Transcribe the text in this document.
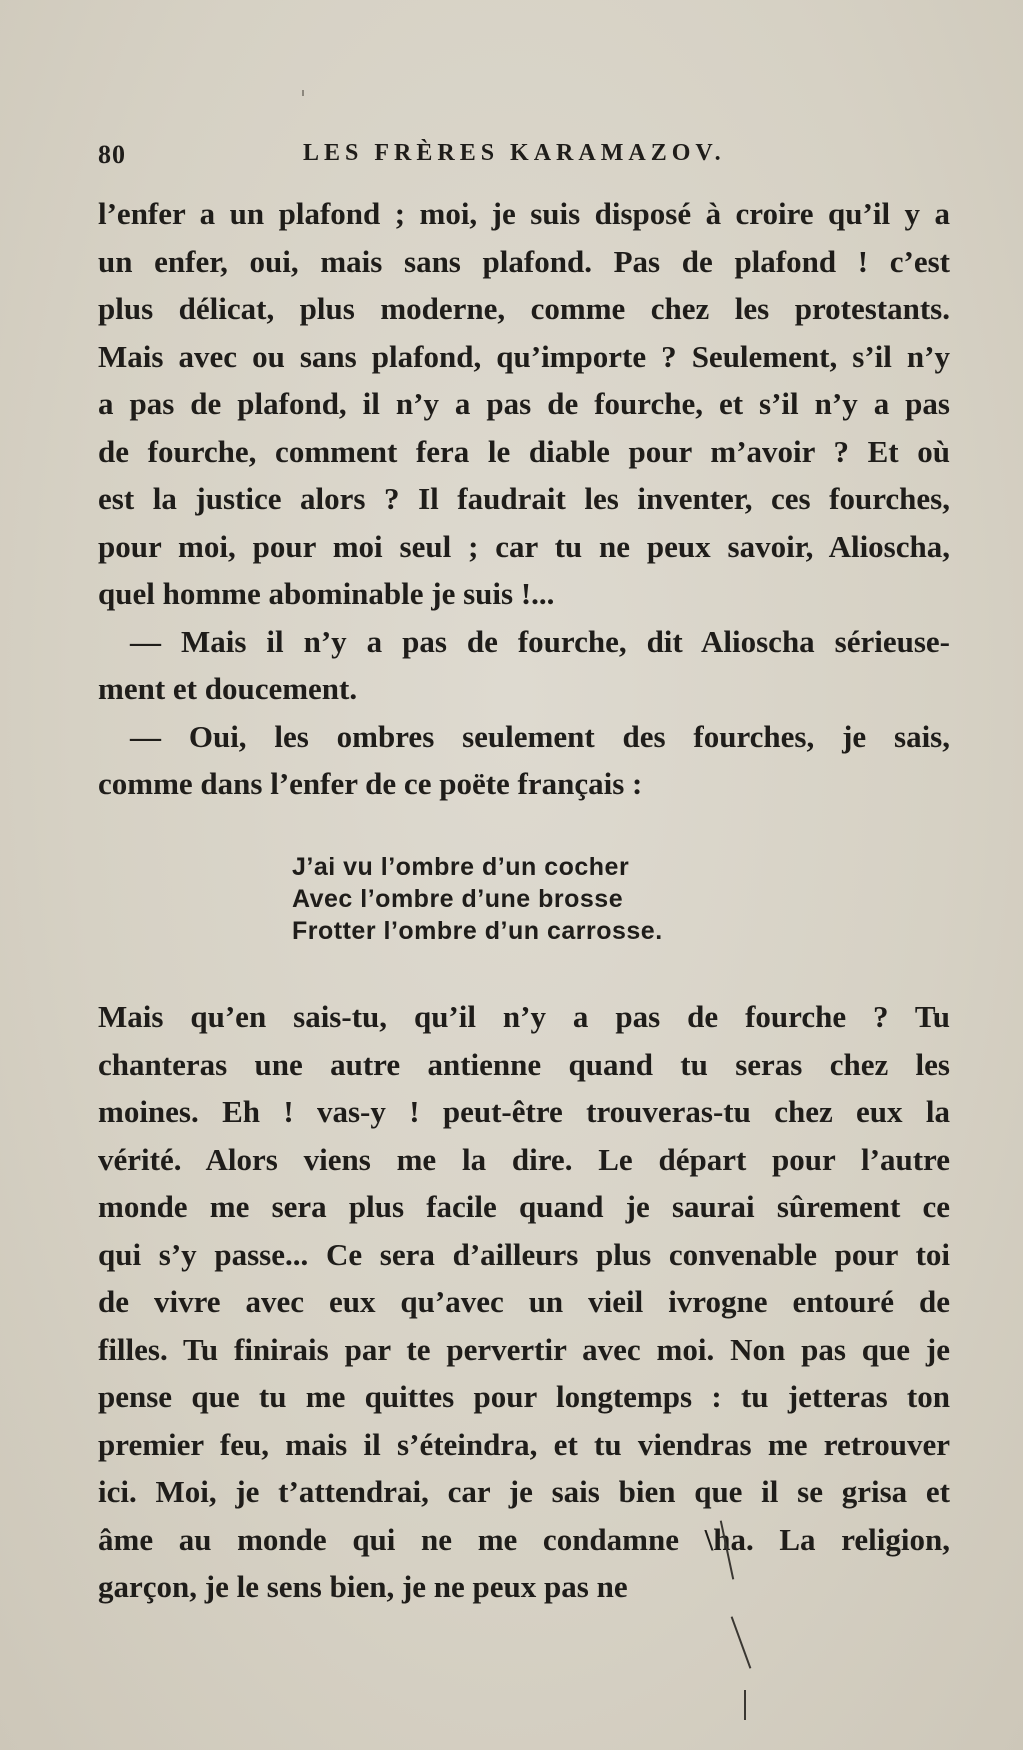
80	LES FRÈRES KARAMAZOV.
l’enfer a un plafond ; moi, je suis disposé à croire qu’il y a
un enfer, oui, mais sans plafond. Pas de plafond ! c’est
plus délicat, plus moderne, comme chez les protestants.
Mais avec ou sans plafond, qu’importe ? Seulement, s’il n’y
a pas de plafond, il n’y a pas de fourche, et s’il n’y a pas
de fourche, comment fera le diable pour m’avoir ? Et où
est la justice alors ? Il faudrait les inventer, ces fourches,
pour moi, pour moi seul ; car tu ne peux savoir, Alioscha,
quel homme abominable je suis !...
— Mais il n’y a pas de fourche, dit Alioscha sérieuse-
ment et doucement.
— Oui, les ombres seulement des fourches, je sais,
comme dans l’enfer de ce poëte français :
J’ai vu l’ombre d’un cocher
Avec l’ombre d’une brosse
Frotter l’ombre d’un carrosse.
Mais qu’en sais-tu, qu’il n’y a pas de fourche ? Tu
chanteras une autre antienne quand tu seras chez les
moines. Eh ! vas-y ! peut-être trouveras-tu chez eux la
vérité. Alors viens me la dire. Le départ pour l’autre
monde me sera plus facile quand je saurai sûrement ce
qui s’y passe... Ce sera d’ailleurs plus convenable pour toi
de vivre avec eux qu’avec un vieil ivrogne entouré de
filles. Tu finirais par te pervertir avec moi. Non pas que je
pense que tu me quittes pour longtemps : tu jetteras ton
premier feu, mais il s’éteindra, et tu viendras me retrouver
ici. Moi, je t’attendrai, car je sais bien que il se grisa et
âme au monde qui ne me condamne \ha. La religion,
garçon, je le sens bien, je ne peux pas ne
